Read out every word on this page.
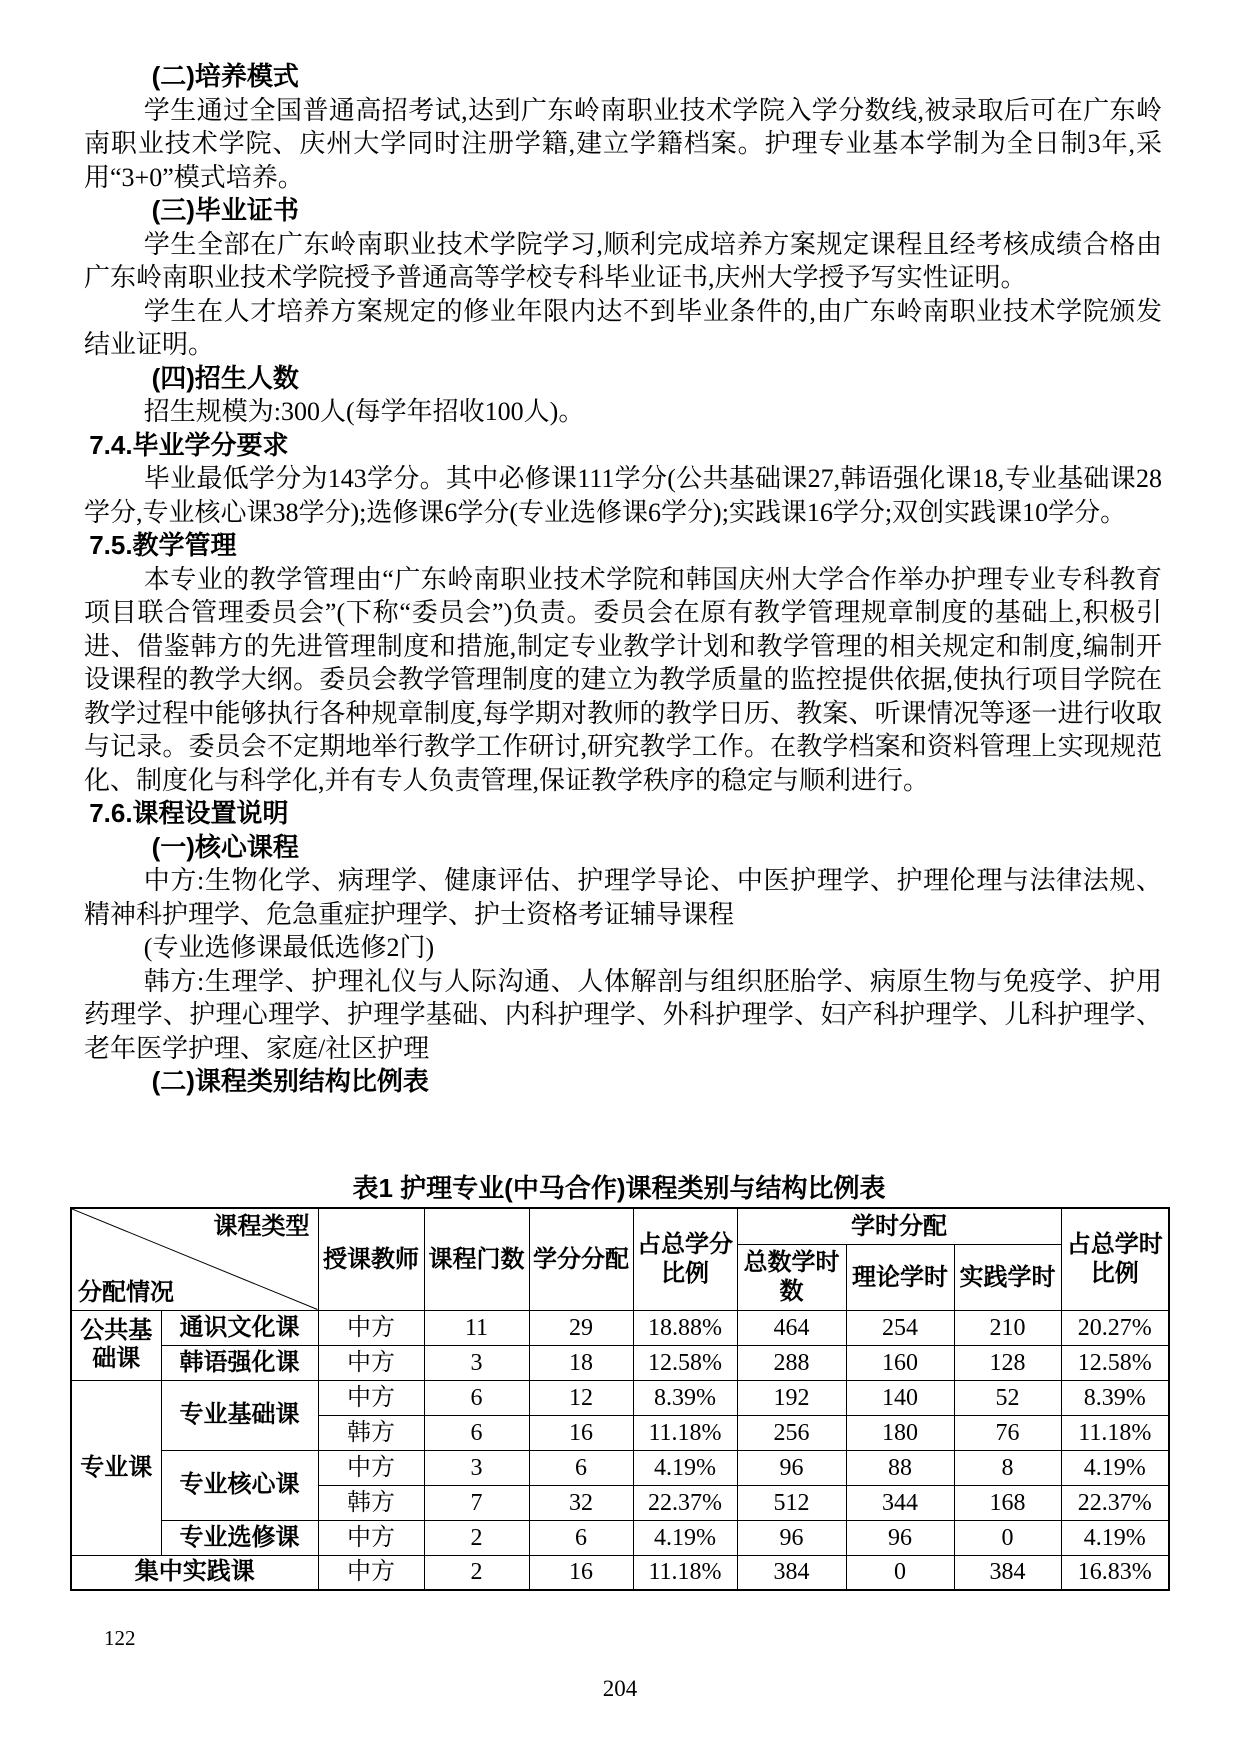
(二)培养模式

学生通过全国普通高招考试,达到广东岭南职业技术学院入学分数线,被录取后可在广东岭南职业技术学院、庆州大学同时注册学籍,建立学籍档案。护理专业基本学制为全日制3年,采用“3+0”模式培养。

(三)毕业证书

学生全部在广东岭南职业技术学院学习,顺利完成培养方案规定课程且经考核成绩合格由广东岭南职业技术学院授予普通高等学校专科毕业证书,庆州大学授予写实性证明。

学生在人才培养方案规定的修业年限内达不到毕业条件的,由广东岭南职业技术学院颁发结业证明。

(四)招生人数

招生规模为:300人(每学年招收100人)。

7.4.毕业学分要求

毕业最低学分为143学分。其中必修课111学分(公共基础课27,韩语强化课18,专业基础课28学分,专业核心课38学分);选修课6学分(专业选修课6学分);实践课16学分;双创实践课10学分。

7.5.教学管理

本专业的教学管理由“广东岭南职业技术学院和韩国庆州大学合作举办护理专业专科教育项目联合管理委员会”(下称“委员会”)负责。委员会在原有教学管理规章制度的基础上,积极引进、借鉴韩方的先进管理制度和措施,制定专业教学计划和教学管理的相关规定和制度,编制开设课程的教学大纲。委员会教学管理制度的建立为教学质量的监控提供依据,使执行项目学院在教学过程中能够执行各种规章制度,每学期对教师的教学日历、教案、听课情况等逐一进行收取与记录。委员会不定期地举行教学工作研讨,研究教学工作。在教学档案和资料管理上实现规范化、制度化与科学化,并有专人负责管理,保证教学秩序的稳定与顺利进行。

7.6.课程设置说明
(一)核心课程

中方:生物化学、病理学、健康评估、护理学导论、中医护理学、护理伦理与法律法规、精神科护理学、危急重症护理学、护士资格考证辅导课程

(专业选修课最低选修2门)

韩方:生理学、护理礼仪与人际沟通、人体解剖与组织胚胎学、病原生物与免疫学、护用药理学、护理心理学、护理学基础、内科护理学、外科护理学、妇产科护理学、儿科护理学、老年医学护理、家庭/社区护理

(二)课程类别结构比例表
表1 护理专业(中马合作)课程类别与结构比例表
课程类型
分配情况		授课教师	课程门数	学分分配	占总学分比例	学时分配			占总学时比例
						总数学时数	理论学时	实践学时	
公共基础课	通识文化课	中方	11	29	18.88%	464	254	210	20.27%
	韩语强化课	中方	3	18	12.58%	288	160	128	12.58%
专业课	专业基础课	中方	6	12	8.39%	192	140	52	8.39%
		韩方	6	16	11.18%	256	180	76	11.18%
	专业核心课	中方	3	6	4.19%	96	88	8	4.19%
		韩方	7	32	22.37%	512	344	168	22.37%
	专业选修课	中方	2	6	4.19%	96	96	0	4.19%
集中实践课		中方	2	16	11.18%	384	0	384	16.83%
122
204
